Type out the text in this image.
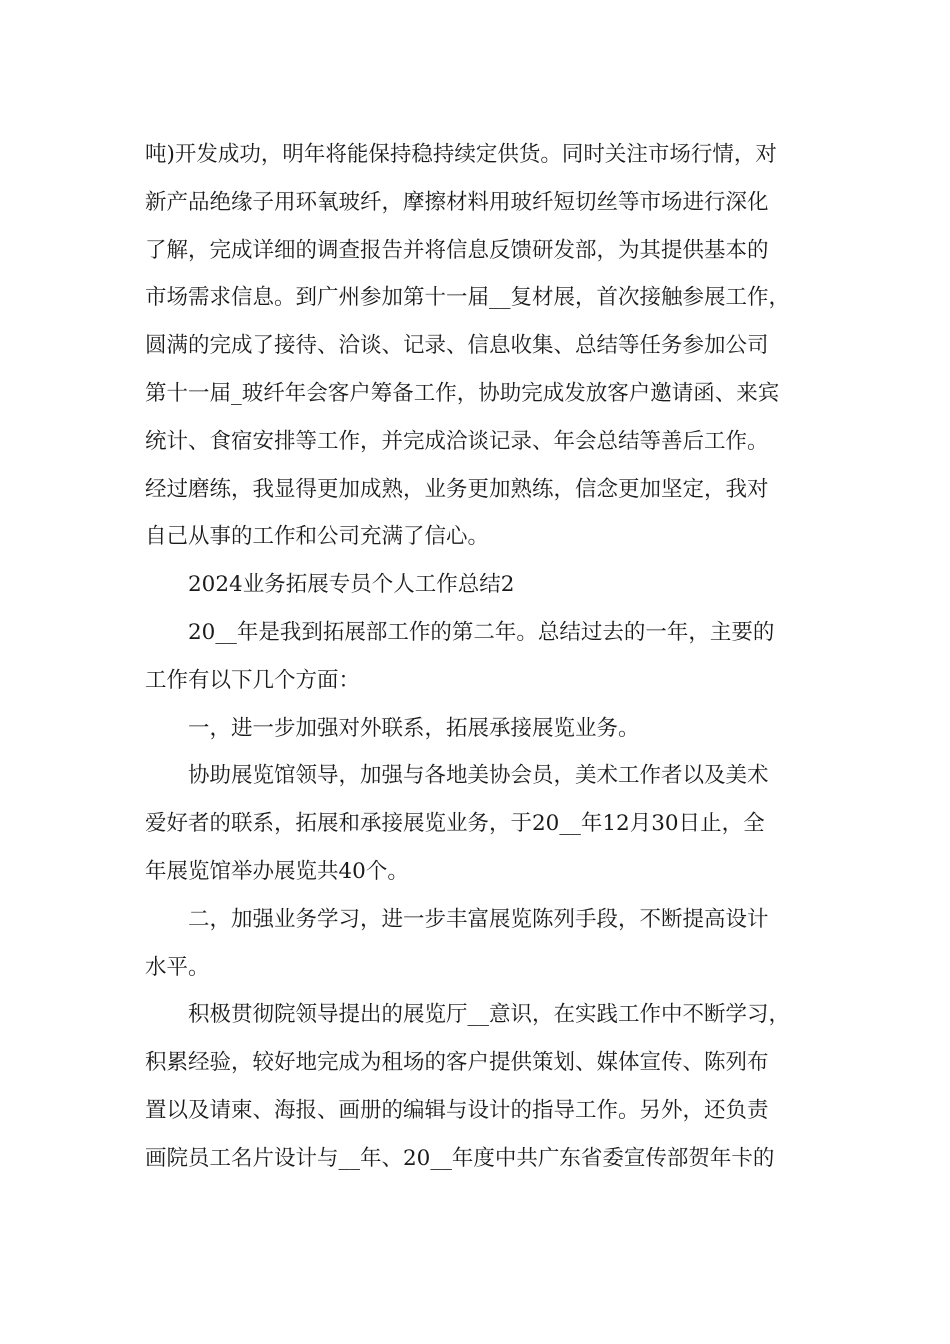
吨)开发成功，明年将能保持稳持续定供货。同时关注市场行情，对
新产品绝缘子用环氧玻纤，摩擦材料用玻纤短切丝等市场进行深化
了解，完成详细的调查报告并将信息反馈研发部，为其提供基本的
市场需求信息。到广州参加第十一届__复材展，首次接触参展工作，
圆满的完成了接待、洽谈、记录、信息收集、总结等任务参加公司
第十一届_玻纤年会客户筹备工作，协助完成发放客户邀请函、来宾
统计、食宿安排等工作，并完成洽谈记录、年会总结等善后工作。
经过磨练，我显得更加成熟，业务更加熟练，信念更加坚定，我对
自己从事的工作和公司充满了信心。
2024业务拓展专员个人工作总结2
20__年是我到拓展部工作的第二年。总结过去的一年，主要的
工作有以下几个方面：
一，进一步加强对外联系，拓展承接展览业务。
协助展览馆领导，加强与各地美协会员，美术工作者以及美术
爱好者的联系，拓展和承接展览业务，于20__年12月30日止，全
年展览馆举办展览共40个。
二，加强业务学习，进一步丰富展览陈列手段，不断提高设计
水平。
积极贯彻院领导提出的展览厅__意识，在实践工作中不断学习，
积累经验，较好地完成为租场的客户提供策划、媒体宣传、陈列布
置以及请柬、海报、画册的编辑与设计的指导工作。另外，还负责
画院员工名片设计与__年、20__年度中共广东省委宣传部贺年卡的
